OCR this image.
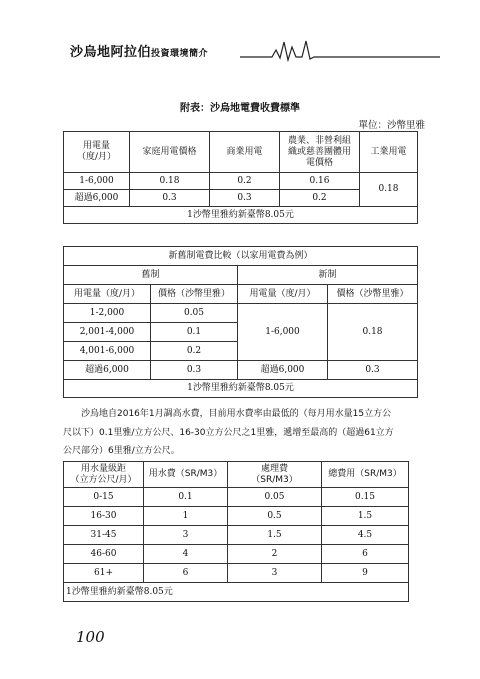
沙烏地阿拉伯投資環境簡介
附表：沙烏地電費收費標準
單位：沙幣里雅
用電量
（度/月）	家庭用電價格	商業用電	農業、非營利組
織或慈善團體用
電價格	工業用電
1-6,000	0.18	0.2	0.16	0.18
超過6,000	0.3	0.3	0.2	
1沙幣里雅約新臺幣8.05元				
新舊制電費比較（以家用電費為例）			
舊制		新制	
用電量（度/月）	價格（沙幣里雅）	用電量（度/月）	價格（沙幣里雅）
1-2,000	0.05	1-6,000	0.18
2,001-4,000	0.1		
4,001-6,000	0.2		
超過6,000	0.3	超過6,000	0.3
1沙幣里雅約新臺幣8.05元			
沙烏地自2016年1月調高水費，目前用水費率由最低的（每月用水量15立方公
尺以下）0.1里雅/立方公尺、16-30立方公尺之1里雅，遞增至最高的（超過61立方
公尺部分）6里雅/立方公尺。
用水量級距
（立方公尺/月）	用水費（SR/M3）	處理費
（SR/M3）	總費用（SR/M3）
0-15	0.1	0.05	0.15
16-30	1	0.5	1.5
31-45	3	1.5	4.5
46-60	4	2	6
61+	6	3	9
1沙幣里雅約新臺幣8.05元			
100
